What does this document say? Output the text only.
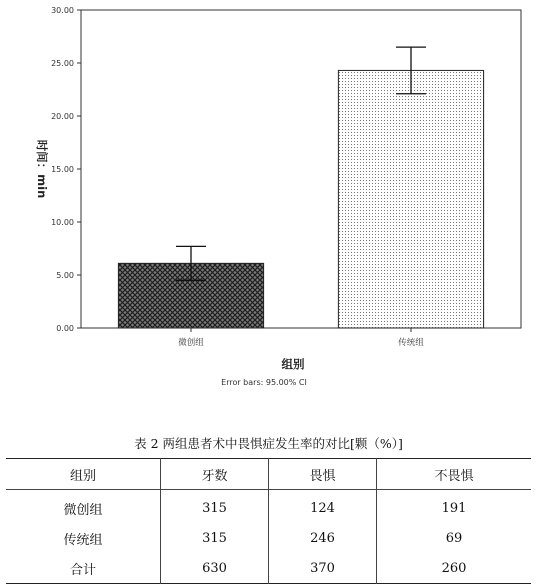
0.00
5.00
10.00
15.00
20.00
25.00
30.00
微创组	传统组
时间：min
组别
Error bars: 95.00% CI
表 2 两组患者术中畏惧症发生率的对比[颗（%）]
组别	牙数	畏惧	不畏惧
微创组	315	124	191
传统组	315	246	69
合计	630	370	260
